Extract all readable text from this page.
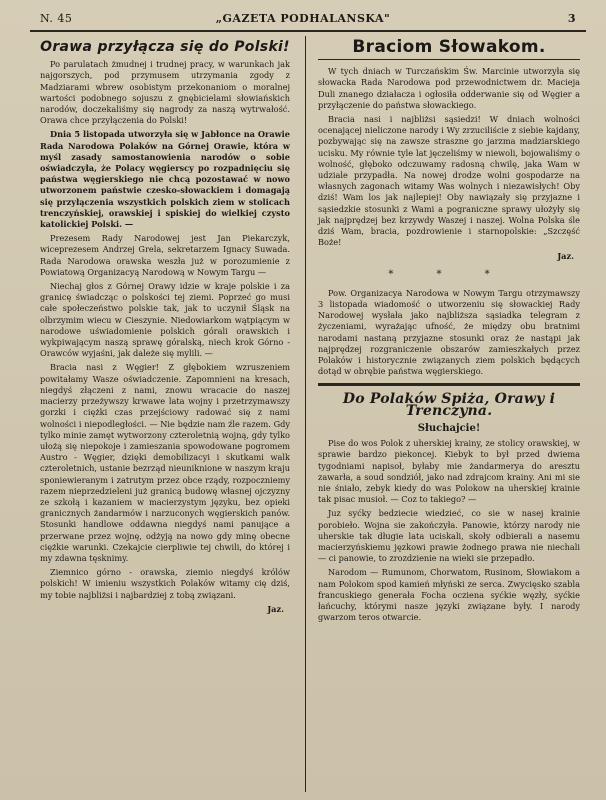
N. 45	„GAZETA PODHALANSKA"	3
Orawa przyłącza się do Polski!

Po parulatach żmudnej i trudnej pracy, w warunkach jak najgorszych, pod przymusem utrzymania zgody z Madziarami wbrew osobistym przekonaniom o moralnej wartości podobnego sojuszu z gnębicielami słowiańskich narodów, doczekaliśmy się nagrody za naszą wytrwałość. Orawa chce przyłączenia do Polski!

Dnia 5 listopada utworzyła się w Jabłonce na Orawie Rada Narodowa Polaków na Górnej Orawie, która w myśl zasady samostanowienia narodów o sobie oświadczyła, że Polacy węgierscy po rozpadnięciu się państwa węgierskiego nie chcą pozostawać w nowo utworzonem państwie czesko-słowackiem i domagają się przyłączenia wszystkich polskich ziem w stolicach trenczyńskiej, orawskiej i spiskiej do wielkiej czysto katolickiej Polski. —

Prezesem Rady Narodowej jest Jan Piekarczyk, wiceprezesem Andrzej Grela, sekretarzem Ignacy Suwada. Rada Narodowa orawska weszła już w porozumienie z Powiatową Organizacyą Narodową w Nowym Targu —

Niechaj głos z Górnej Orawy idzie w kraje polskie i za granicę świadcząc o polskości tej ziemi. Poprzeć go musi całe społeczeństwo polskie tak, jak to uczynił Śląsk na olbrzymim wiecu w Cieszynie. Niedowiarkom wątpiącym w narodowe uświadomienie polskich górali orawskich i wykpiwającym naszą sprawę góralską, niech krok Górno - Orawców wyjaśni, jak dależe się mylili. —

Bracia nasi z Węgier! Z głębokiem wzruszeniem powitałamy Wasze oświadczenie. Zapomnieni na kresach, niegdyś złączeni z nami, znowu wracacie do naszej macierzy przeżywszy krwawe lata wojny i przetrzymawszy gorzki i ciężki czas przejściowy radować się z nami wolności i niepodległości. — Nie będzie nam źle razem. Gdy tylko minie zamęt wytworzony czteroletnią wojną, gdy tylko ułożą się niepokoje i zamieszania spowodowane pogromem Austro - Węgier, dzięki demobilizacyi i skutkami walk czteroletnich, ustanie bezrząd nieuniknione w naszym kraju sponiewieranym i zatrutym przez obce rządy, rozpoczniemy razem nieprzedzieleni już granicą budowę własnej ojczyzny ze szkołą i kazaniem w macierzystym języku, bez opieki granicznych żandarmów i narzuconych węgierskich panów. Stosunki handlowe oddawna niegdyś nami panujące a przerwane przez wojnę, odżyją na nowo gdy minę obecne ciężkie warunki. Czekajcie cierpliwie tej chwili, do której i my zdawna tęsknimy.

Ziemnico górno - orawska, ziemio niegdyś królów polskich! W imieniu wszystkich Polaków witamy cię dziś, my tobie najbliżsi i najbardziej z tobą związani.

Jaz.
Braciom Słowakom.

W tych dniach w Turczańskim Św. Marcinie utworzyła się słowacka Rada Narodowa pod przewodnictwem dr. Macieja Duli znanego działacza i ogłosiła odderwanie się od Węgier a przyłączenie do państwa słowackiego.

Bracia nasi i najbliżsi sąsiedzi! W dniach wolności ocenającej nieliczone narody i Wy zrzuciliście z siebie kajdany, pozbywając się na zawsze straszne go jarzma madziarskiego ucisku. My równie tyle lat jęczeliśmy w niewoli, bojowaliśmy o wolność, głęboko odczuwamy radosną chwilę, jaka Wam w udziale przypadła. Na nowej drodze wolni gospodarze na własnych zagonach witamy Was wolnych i niezawisłych! Oby dziś! Wam los jak najlepiej! Oby nawiązały się przyjazne i sąsiedzkie stosunki z Wami a pograniczne sprawy ułożyły się jak najprędzej bez krzywdy Waszej i naszej. Wolna Polska śle dziś Wam, bracia, pozdrowienie i starnopolskie: „Szczęść Boże!

Jaz.
* * *

Pow. Organizacya Narodowa w Nowym Targu otrzymawszy 3 listopada wiadomość o utworzeniu się słowackiej Rady Narodowej wysłała jako najbliższa sąsiadka telegram z życzeniami, wyrażając ufność, że między obu bratnimi narodami nastaną przyjazne stosunki oraz że nastąpi jak najprędzej rozgraniczenie obszarów zamieszkałych przez Polaków i historycznie związanych ziem polskich będących dotąd w obrębie państwa węgierskiego.

Do Polaków Spiża, Orawy i Trenczyna.
Słuchajcie!

Pise do wos Polok z uherskiej krainy, ze stolicy orawskiej, w sprawie bardzo piekoncej. Kiebyk to był przed dwiema tygodniami napisoł, byłaby mie żandarmerya do aresztu zawarła, a soud sondziół, jako nad zdrajcom krainy. Ani mi sie nie śniało, zebyk kiedy do was Polokow na uherskiej krainie tak pisac musioł. — Coz to takiego? —

Juz syćky bedziecie wiedzieć, co sie w nasej krainie porobieło. Wojna sie zakończyła. Panowie, którzy narody nie uherskie tak długie lata uciskali, skoły odbierali a nasemu macierzyńskiemu jęzkowi prawie żodnego prawa nie niechali — ci panowie, to zrozdzienie na wieki sie przepadło.

Narodom — Rumunom, Chorwatom, Rusinom, Słowiakom a nam Polokom spod kamień młyński ze serca. Zwycięsko szabla francuskiego generała Focha ocziena syćkie węzły, syćkie łańcuchy, którymi nasze języki związane były. I narody gwarzom teros otwarcie.
